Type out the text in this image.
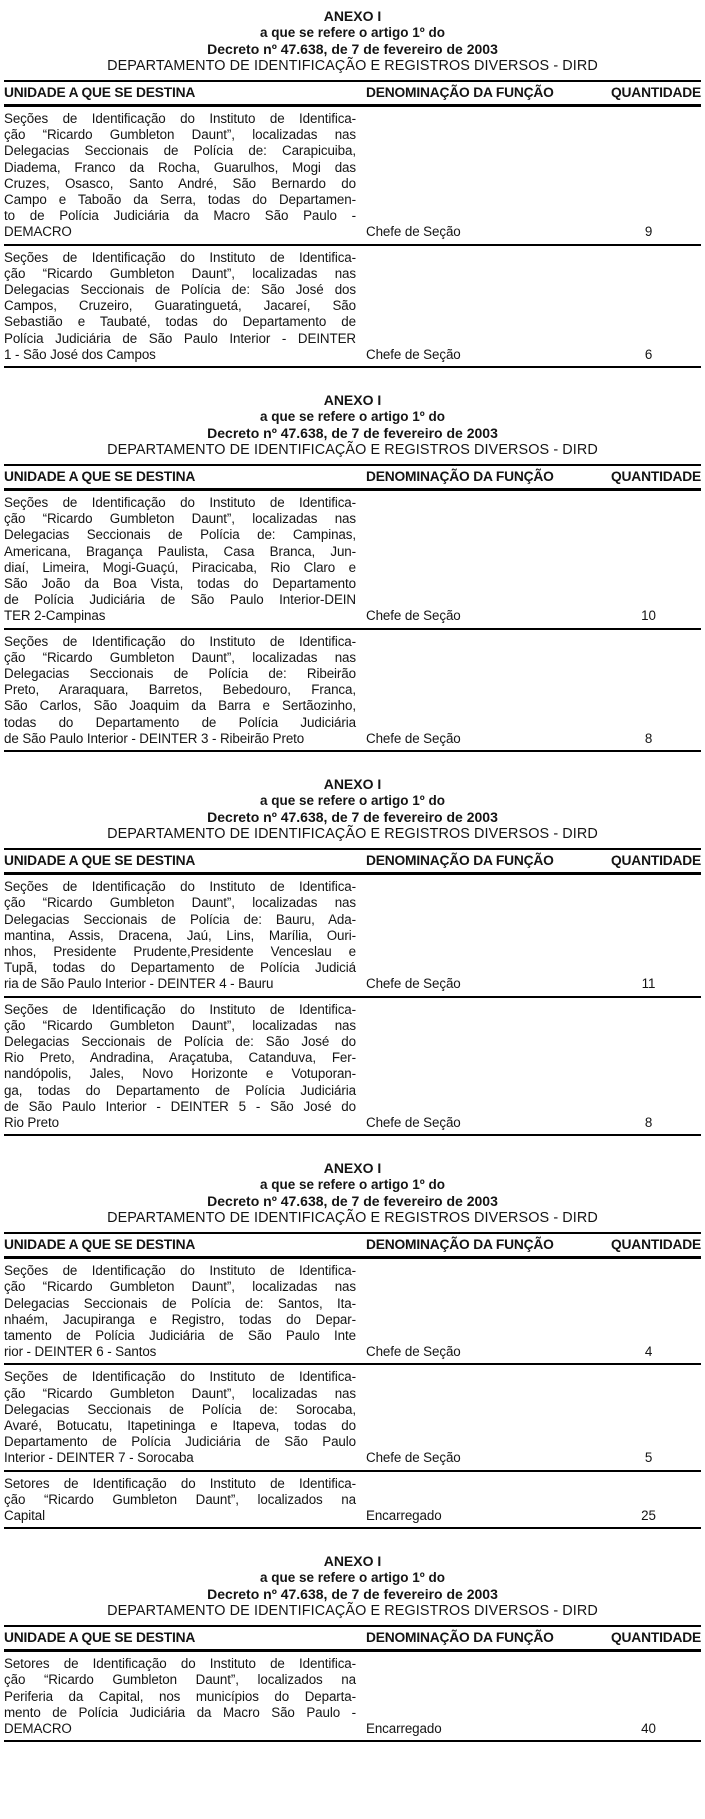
ANEXO I
a que se refere o artigo 1º do
Decreto nº 47.638, de 7 de fevereiro de 2003
DEPARTAMENTO DE IDENTIFICAÇÃO E REGISTROS DIVERSOS - DIRD
UNIDADE A QUE SE DESTINA	DENOMINAÇÃO DA FUNÇÃO	QUANTIDADE
Seções de Identificação do Instituto de Identifica-
ção “Ricardo Gumbleton Daunt”, localizadas nas
Delegacias Seccionais de Polícia de: Carapicuiba,
Diadema, Franco da Rocha, Guarulhos, Mogi das
Cruzes, Osasco, Santo André, São Bernardo do
Campo e Taboão da Serra, todas do Departamen-
to de Polícia Judiciária da Macro São Paulo -
DEMACRO	Chefe de Seção	9
Seções de Identificação do Instituto de Identifica-
ção “Ricardo Gumbleton Daunt”, localizadas nas
Delegacias Seccionais de Polícia de: São José dos
Campos, Cruzeiro, Guaratinguetá, Jacareí, São
Sebastião e Taubaté, todas do Departamento de
Polícia Judiciária de São Paulo Interior - DEINTER
1 - São José dos Campos	Chefe de Seção	6
ANEXO I
a que se refere o artigo 1º do
Decreto nº 47.638, de 7 de fevereiro de 2003
DEPARTAMENTO DE IDENTIFICAÇÃO E REGISTROS DIVERSOS - DIRD
UNIDADE A QUE SE DESTINA	DENOMINAÇÃO DA FUNÇÃO	QUANTIDADE
Seções de Identificação do Instituto de Identifica-
ção “Ricardo Gumbleton Daunt”, localizadas nas
Delegacias Seccionais de Polícia de: Campinas,
Americana, Bragança Paulista, Casa Branca, Jun-
diaí, Limeira, Mogi-Guaçú, Piracicaba, Rio Claro e
São João da Boa Vista, todas do Departamento
de Polícia Judiciária de São Paulo Interior-DEIN
TER 2-Campinas	Chefe de Seção	10
Seções de Identificação do Instituto de Identifica-
ção “Ricardo Gumbleton Daunt”, localizadas nas
Delegacias Seccionais de Polícia de: Ribeirão
Preto, Araraquara, Barretos, Bebedouro, Franca,
São Carlos, São Joaquim da Barra e Sertãozinho,
todas do Departamento de Polícia Judiciária
de São Paulo Interior - DEINTER 3 - Ribeirão Preto	Chefe de Seção	8
ANEXO I
a que se refere o artigo 1º do
Decreto nº 47.638, de 7 de fevereiro de 2003
DEPARTAMENTO DE IDENTIFICAÇÃO E REGISTROS DIVERSOS - DIRD
UNIDADE A QUE SE DESTINA	DENOMINAÇÃO DA FUNÇÃO	QUANTIDADE
Seções de Identificação do Instituto de Identifica-
ção “Ricardo Gumbleton Daunt”, localizadas nas
Delegacias Seccionais de Polícia de: Bauru, Ada-
mantina, Assis, Dracena, Jaú, Lins, Marília, Ouri-
nhos, Presidente Prudente,Presidente Venceslau e
Tupã, todas do Departamento de Polícia Judiciá
ria de São Paulo Interior - DEINTER 4 - Bauru	Chefe de Seção	11
Seções de Identificação do Instituto de Identifica-
ção “Ricardo Gumbleton Daunt”, localizadas nas
Delegacias Seccionais de Polícia de: São José do
Rio Preto, Andradina, Araçatuba, Catanduva, Fer-
nandópolis, Jales, Novo Horizonte e Votuporan-
ga, todas do Departamento de Polícia Judiciária
de São Paulo Interior - DEINTER 5 - São José do
Rio Preto	Chefe de Seção	8
ANEXO I
a que se refere o artigo 1º do
Decreto nº 47.638, de 7 de fevereiro de 2003
DEPARTAMENTO DE IDENTIFICAÇÃO E REGISTROS DIVERSOS - DIRD
UNIDADE A QUE SE DESTINA	DENOMINAÇÃO DA FUNÇÃO	QUANTIDADE
Seções de Identificação do Instituto de Identifica-
ção “Ricardo Gumbleton Daunt”, localizadas nas
Delegacias Seccionais de Polícia de: Santos, Ita-
nhaém, Jacupiranga e Registro, todas do Depar-
tamento de Polícia Judiciária de São Paulo Inte
rior - DEINTER 6 - Santos	Chefe de Seção	4
Seções de Identificação do Instituto de Identifica-
ção “Ricardo Gumbleton Daunt”, localizadas nas
Delegacias Seccionais de Polícia de: Sorocaba,
Avaré, Botucatu, Itapetininga e Itapeva, todas do
Departamento de Polícia Judiciária de São Paulo
Interior - DEINTER 7 - Sorocaba	Chefe de Seção	5
Setores de Identificação do Instituto de Identifica-
ção “Ricardo Gumbleton Daunt”, localizados na
Capital	Encarregado	25
ANEXO I
a que se refere o artigo 1º do
Decreto nº 47.638, de 7 de fevereiro de 2003
DEPARTAMENTO DE IDENTIFICAÇÃO E REGISTROS DIVERSOS - DIRD
UNIDADE A QUE SE DESTINA	DENOMINAÇÃO DA FUNÇÃO	QUANTIDADE
Setores de Identificação do Instituto de Identifica-
ção “Ricardo Gumbleton Daunt”, localizados na
Periferia da Capital, nos municípios do Departa-
mento de Polícia Judiciária da Macro São Paulo -
DEMACRO	Encarregado	40
